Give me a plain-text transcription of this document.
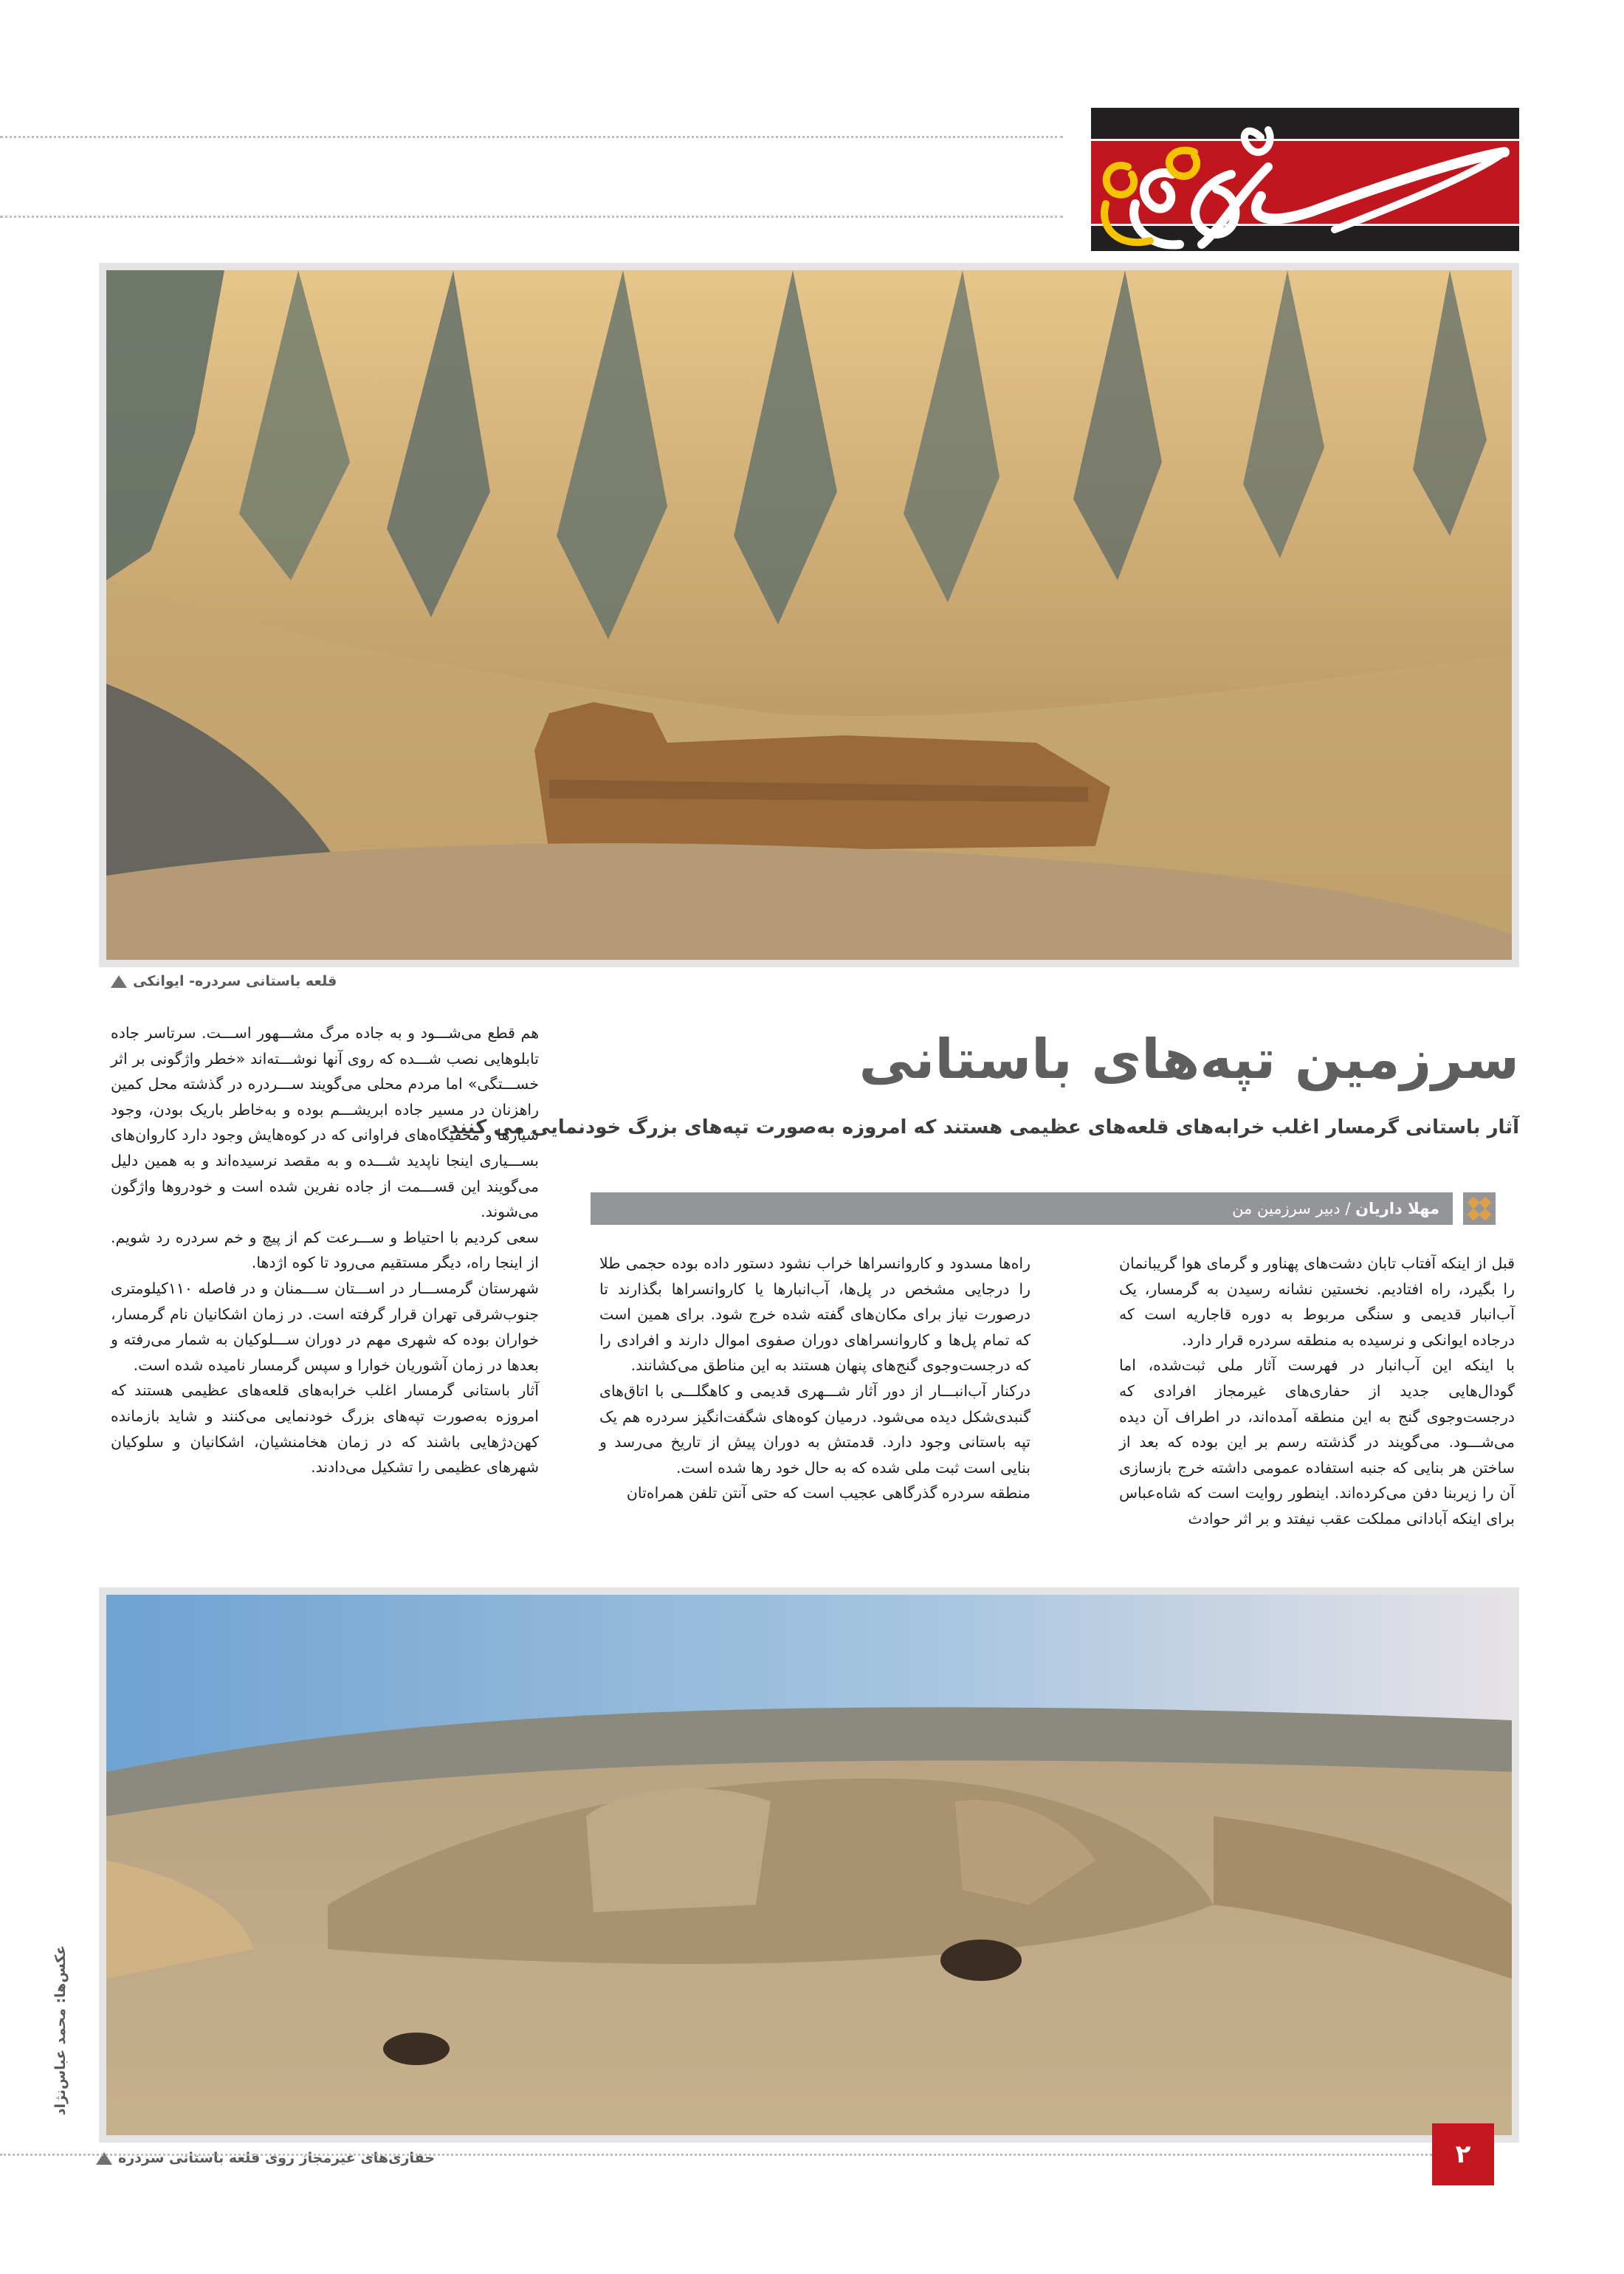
قلعه باستانی سردره- ایوانکی
سرزمین تپه‌های باستانی
آثار باستانی گرمسار اغلب خرابه‌های قلعه‌های عظیمی هستند که امروزه به‌صورت تپه‌های بزرگ خودنمایی می کنند
مهلا داریان / دبیر سرزمین من

قبل از اینکه آفتاب تابان دشت‌های پهناور و گرمای هوا گریبانمان را بگیرد، راه افتادیم. نخستین نشانه رسیدن به گرمسار، یک آب‌انبار قدیمی و سنگی مربوط به دوره قاجاریه است که درجاده ایوانکی و نرسیده به منطقه سردره قرار دارد.

با اینکه این آب‌انبار در فهرست آثار ملی ثبت‌شده، اما گودال‌هایی جدید از حفاری‌های غیرمجاز افرادی که درجست‌وجوی گنج به این منطقه آمده‌اند، در اطراف آن دیده می‌شـــود. می‌گویند در گذشته رسم بر این بوده که بعد از ساختن هر بنایی که جنبه استفاده عمومی داشته خرج بازسازی آن را زیربنا دفن می‌کرده‌اند. اینطور روایت است که شاه‌عباس برای اینکه آبادانی مملکت عقب نیفتد و بر اثر حوادث

راه‌ها مسدود و کاروانسراها خراب نشود دستور داده بوده حجمی طلا را درجایی مشخص در پل‌ها، آب‌انبارها یا کاروانسراها بگذارند تا درصورت نیاز برای مکان‌های گفته شده خرج شود. برای همین است که تمام پل‌ها و کاروانسراهای دوران صفوی اموال دارند و افرادی را که درجست‌وجوی گنج‌های پنهان هستند به این مناطق می‌کشانند.

درکنار آب‌انبـــار از دور آثار شـــهری قدیمی و کاهگلـــی با اتاق‌های گنبدی‌شکل دیده می‌شود. درمیان کوه‌های شگفت‌انگیز سردره هم یک تپه باستانی وجود دارد. قدمتش به دوران پیش از تاریخ می‌رسد و بنایی است ثبت ملی شده که به حال خود رها شده است.

منطقه سردره گذرگاهی عجیب است که حتی آنتن تلفن همراه‌تان

هم قطع می‌شـــود و به جاده مرگ مشـــهور اســـت. سرتاسر جاده تابلوهایی نصب شـــده که روی آنها نوشـــته‌اند «خطر واژگونی بر اثر خســـتگی» اما مردم محلی می‌گویند ســـردره در گذشته محل کمین راهزنان در مسیر جاده ابریشـــم بوده و به‌خاطر باریک بودن، وجود شیارها و مخفیگاه‌های فراوانی که در کوه‌هایش وجود دارد کاروان‌های بســـیاری اینجا ناپدید شـــده و به مقصد نرسیده‌اند و به همین دلیل می‌گویند این قســـمت از جاده نفرین شده است و خودروها واژگون می‌شوند.

سعی کردیم با احتیاط و ســـرعت کم از پیچ و خم سردره رد شویم. از اینجا راه، دیگر مستقیم می‌رود تا کوه اژدها.

شهرستان گرمســـار در اســـتان ســـمنان و در فاصله ۱۱۰کیلومتری جنوب‌شرقی تهران قرار گرفته است. در زمان اشکانیان نام گرمسار، خواران بوده که شهری مهم در دوران ســـلوکیان به شمار می‌رفته و بعدها در زمان آشوریان خوارا و سپس گرمسار نامیده شده است.

آثار باستانی گرمسار اغلب خرابه‌های قلعه‌های عظیمی هستند که امروزه به‌صورت تپه‌های بزرگ خودنمایی می‌کنند و شاید بازمانده کهن‌دژهایی باشند که در زمان هخامنشیان، اشکانیان و سلوکیان شهرهای عظیمی را تشکیل می‌دادند.

عکس‌ها: محمد عباس‌نژاد
حفاری‌های غیرمجاز روی قلعه باستانی سردره	۲
